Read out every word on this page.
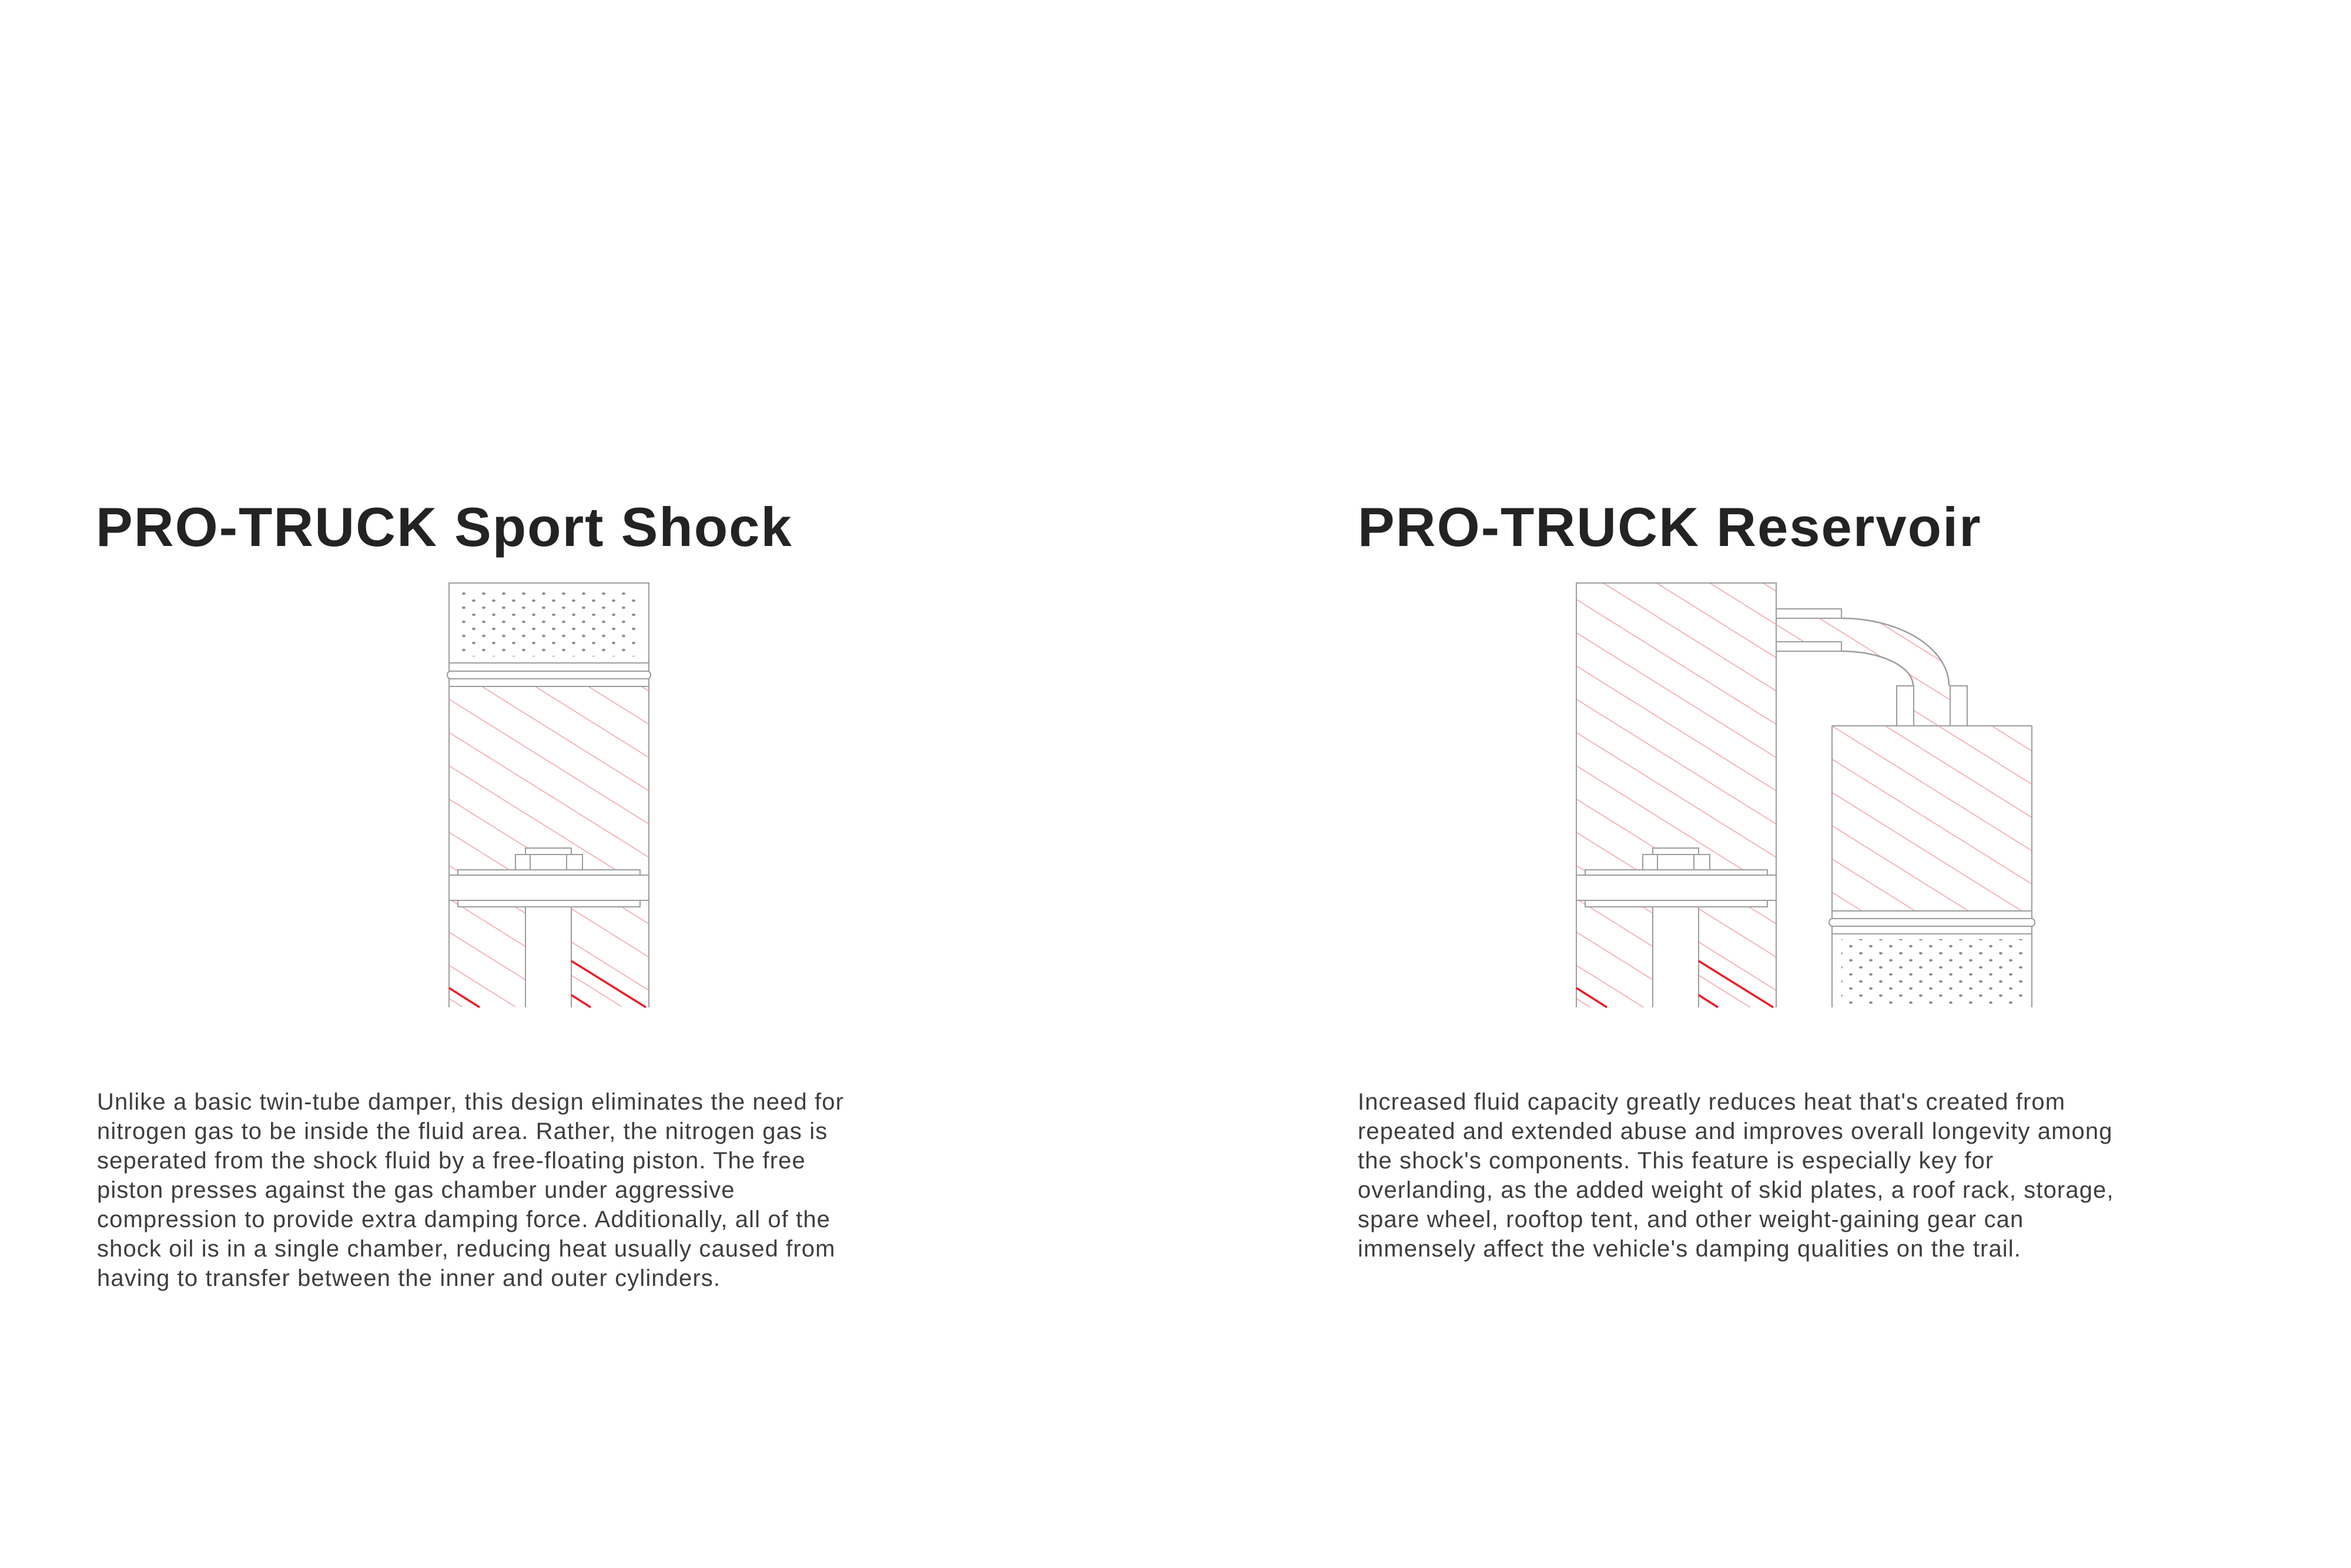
PRO-TRUCK Sport Shock
Unlike a basic twin-tube damper, this design eliminates the need for
nitrogen gas to be inside the fluid area. Rather, the nitrogen gas is
seperated from the shock fluid by a free-floating piston. The free
piston presses against the gas chamber under aggressive
compression to provide extra damping force. Additionally, all of the
shock oil is in a single chamber, reducing heat usually caused from
having to transfer between the inner and outer cylinders.
PRO-TRUCK Reservoir
Increased fluid capacity greatly reduces heat that's created from
repeated and extended abuse and improves overall longevity among
the shock's components. This feature is especially key for
overlanding, as the added weight of skid plates, a roof rack, storage,
spare wheel, rooftop tent, and other weight-gaining gear can
immensely affect the vehicle's damping qualities on the trail.
